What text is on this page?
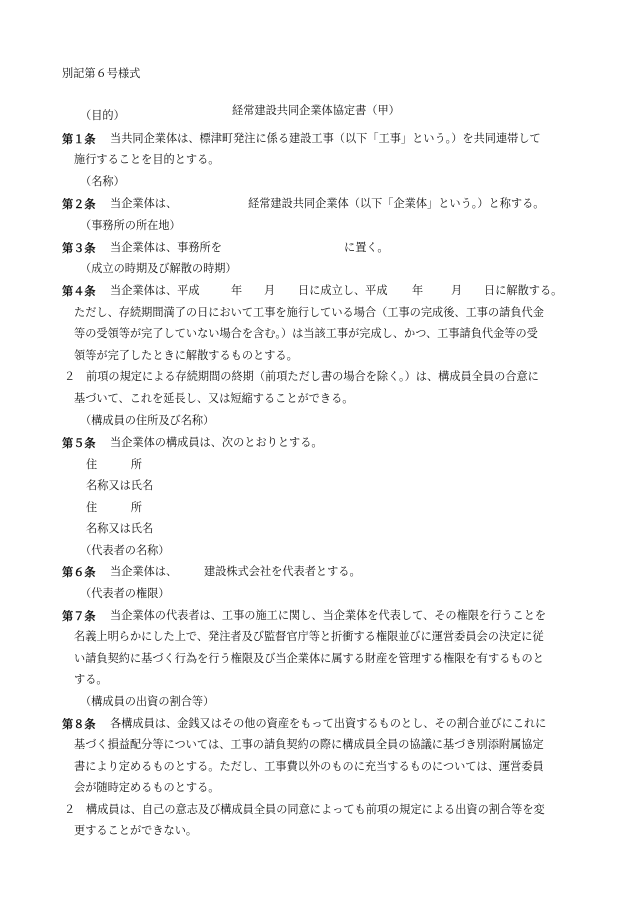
別記第６号様式

経常建設共同企業体協定書（甲）

（目的）
第１条 当共同企業体は、標津町発注に係る建設工事（以下「工事」という。）を共同連帯して
施行することを目的とする。
（名称）
第２条 当企業体は、	経常建設共同企業体（以下「企業体」という。）と称する。
（事務所の所在地）
第３条 当企業体は、事務所を	に置く。
（成立の時期及び解散の時期）
第４条 当企業体は、平成	年 月 日に成立し、平成 年 月 日に解散する。
ただし、存続期間満了の日において工事を施行している場合（工事の完成後、工事の請負代金
等の受領等が完了していない場合を含む。）は当該工事が完成し、かつ、工事請負代金等の受
領等が完了したときに解散するものとする。
２ 前項の規定による存続期間の終期（前項ただし書の場合を除く。）は、構成員全員の合意に
基づいて、これを延長し、又は短縮することができる。
（構成員の住所及び名称）
第５条 当企業体の構成員は、次のとおりとする。
住　　　所
名称又は氏名
住　　　所
名称又は氏名
（代表者の名称）
第６条 当企業体は、 建設株式会社を代表者とする。
（代表者の権限）
第７条 当企業体の代表者は、工事の施工に関し、当企業体を代表して、その権限を行うことを
名義上明らかにした上で、発注者及び監督官庁等と折衝する権限並びに運営委員会の決定に従
い請負契約に基づく行為を行う権限及び当企業体に属する財産を管理する権限を有するものと
する。
（構成員の出資の割合等）
第８条 各構成員は、金銭又はその他の資産をもって出資するものとし、その割合並びにこれに
基づく損益配分等については、工事の請負契約の際に構成員全員の協議に基づき別添附属協定
書により定めるものとする。ただし、工事費以外のものに充当するものについては、運営委員
会が随時定めるものとする。
２ 構成員は、自己の意志及び構成員全員の同意によっても前項の規定による出資の割合等を変
更することができない。
